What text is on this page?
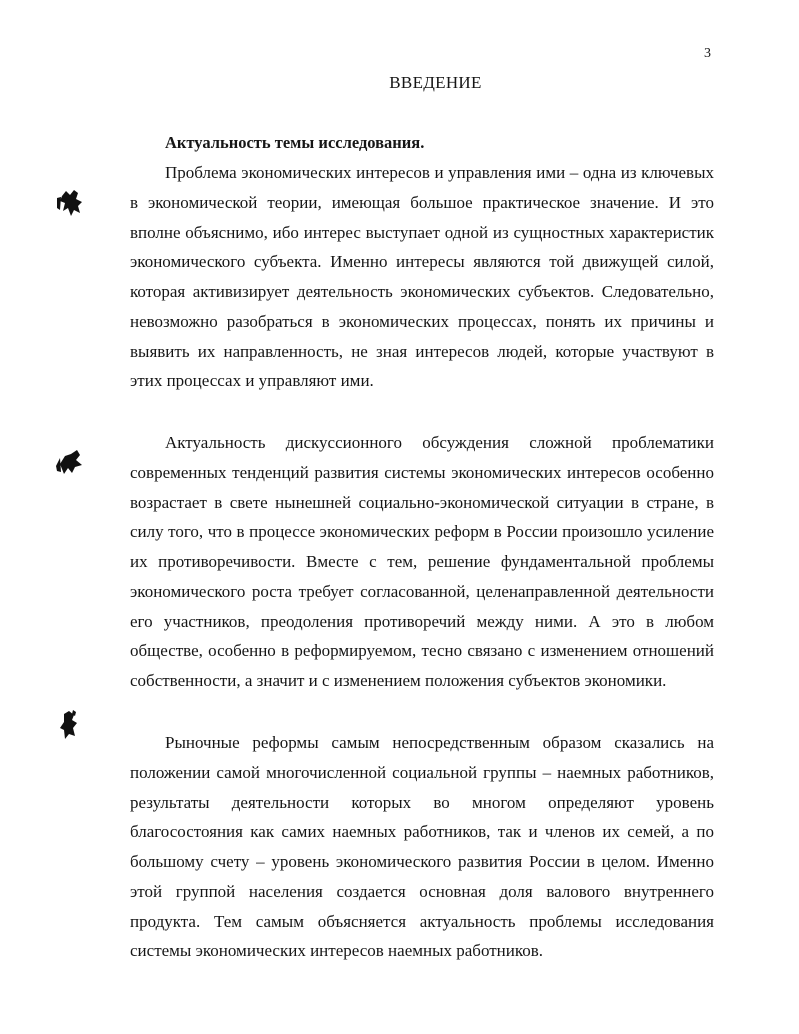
3
ВВЕДЕНИЕ
Актуальность темы исследования.

Проблема экономических интересов и управления ими – одна из ключевых в экономической теории, имеющая большое практическое значение. И это вполне объяснимо, ибо интерес выступает одной из сущностных характеристик экономического субъекта. Именно интересы являются той движущей силой, которая активизирует деятельность экономических субъектов. Следовательно, невозможно разобраться в экономических процессах, понять их причины и выявить их направленность, не зная интересов людей, которые участвуют в этих процессах и управляют ими.

Актуальность дискуссионного обсуждения сложной проблематики современных тенденций развития системы экономических интересов особенно возрастает в свете нынешней социально-экономической ситуации в стране, в силу того, что в процессе экономических реформ в России произошло усиление их противоречивости. Вместе с тем, решение фундаментальной проблемы экономического роста требует согласованной, целенаправленной деятельности его участников, преодоления противоречий между ними. А это в любом обществе, особенно в реформируемом, тесно связано с изменением отношений собственности, а значит и с изменением положения субъектов экономики.

Рыночные реформы самым непосредственным образом сказались на положении самой многочисленной социальной группы – наемных работников, результаты деятельности которых во многом определяют уровень благосостояния как самих наемных работников, так и членов их семей, а по большому счету – уровень экономического развития России в целом. Именно этой группой населения создается основная доля валового внутреннего продукта. Тем самым объясняется актуальность проблемы исследования системы экономических интересов наемных работников.
